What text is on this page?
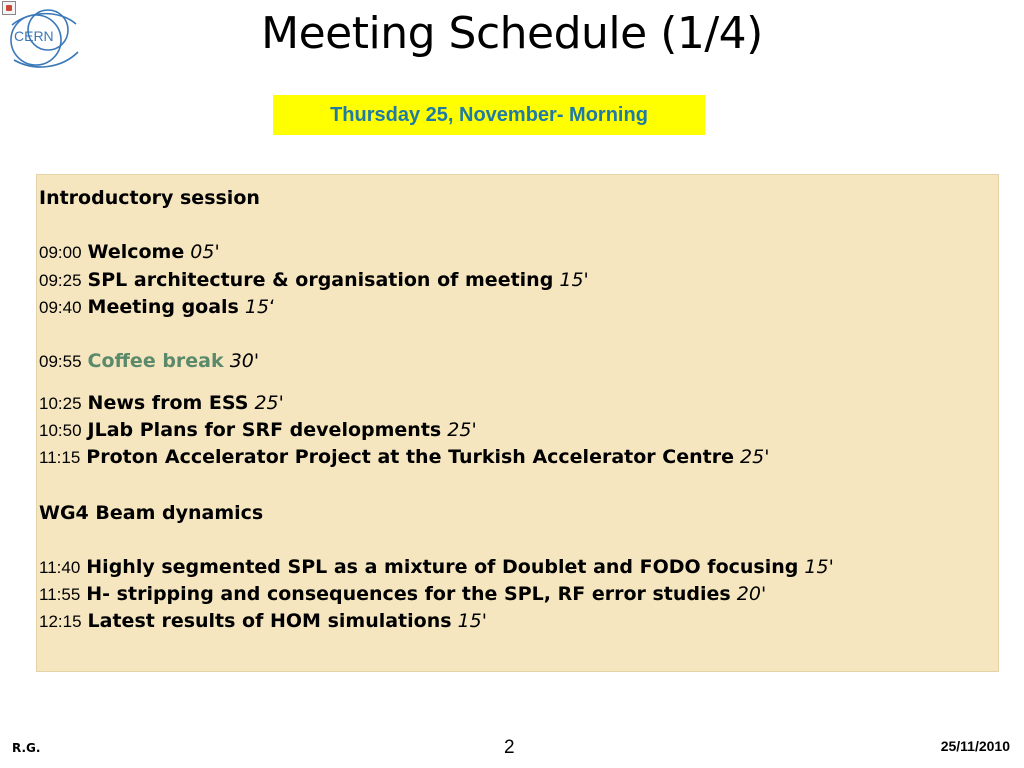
CERN	Meeting Schedule (1/4)
Thursday 25, November- Morning
Introductory session
09:00 Welcome 05'
09:25 SPL architecture & organisation of meeting 15'
09:40 Meeting goals 15‘
09:55 Coffee break 30'
10:25 News from ESS 25'
10:50 JLab Plans for SRF developments 25'
11:15 Proton Accelerator Project at the Turkish Accelerator Centre 25'
WG4 Beam dynamics
11:40 Highly segmented SPL as a mixture of Doublet and FODO focusing 15'
11:55 H- stripping and consequences for the SPL, RF error studies 20'
12:15 Latest results of HOM simulations 15'
R.G.	2	25/11/2010
